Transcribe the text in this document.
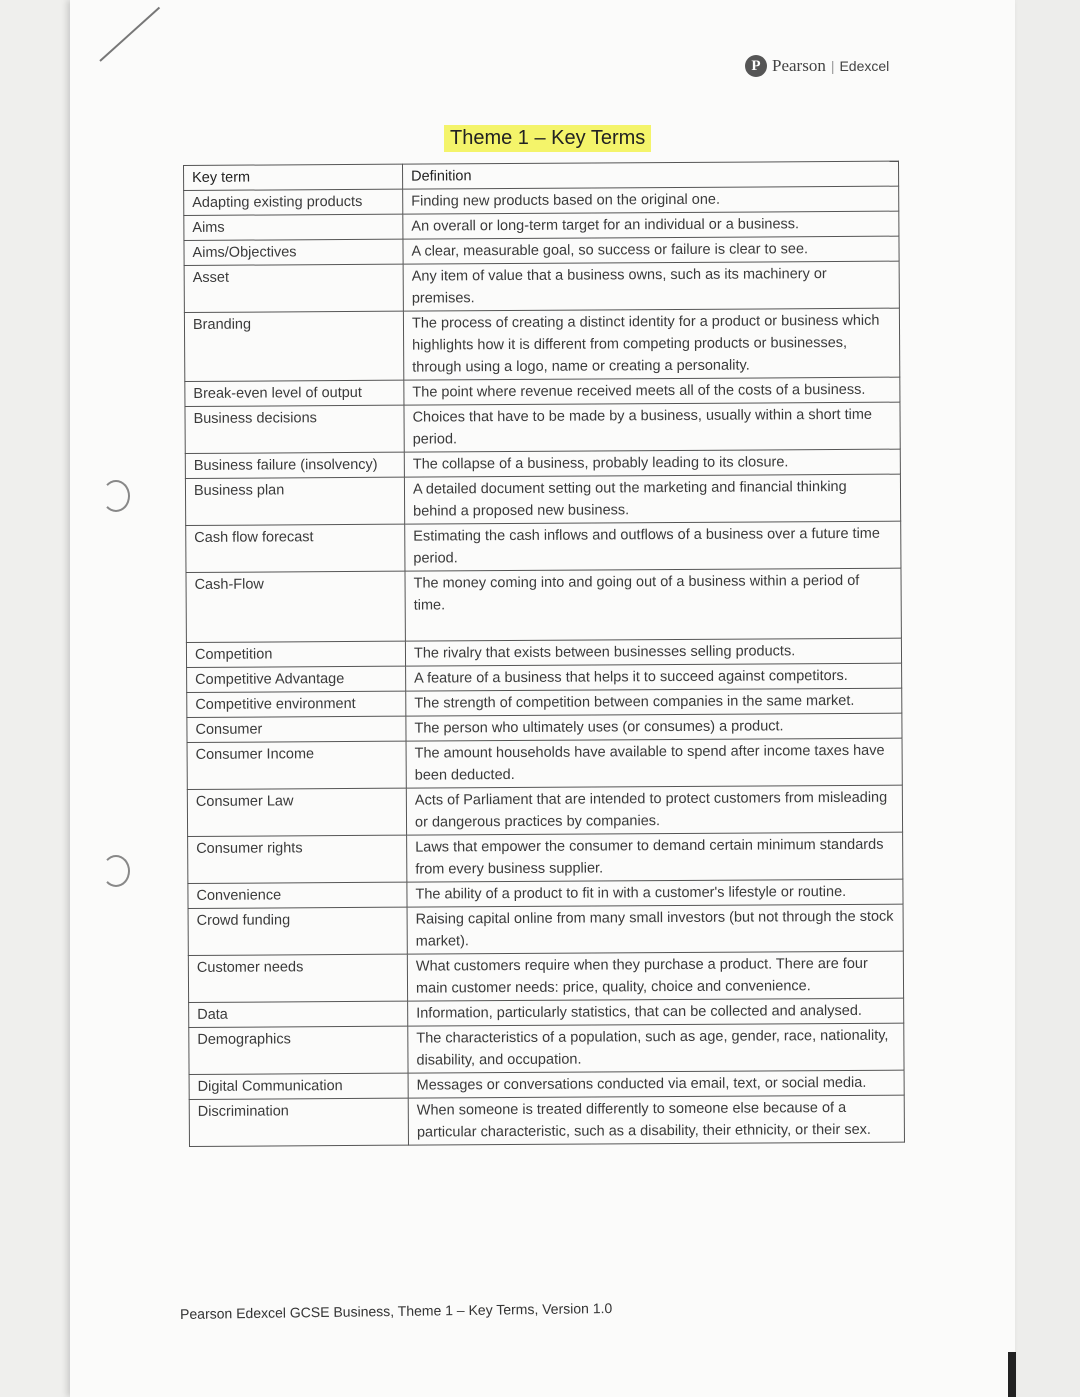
P Pearson | Edexcel
Theme 1 – Key Terms
Key term	Definition
Adapting existing products	Finding new products based on the original one.
Aims	An overall or long-term target for an individual or a business.
Aims/Objectives	A clear, measurable goal, so success or failure is clear to see.
Asset	Any item of value that a business owns, such as its machinery or premises.
Branding	The process of creating a distinct identity for a product or business which highlights how it is different from competing products or businesses, through using a logo, name or creating a personality.
Break-even level of output	The point where revenue received meets all of the costs of a business.
Business decisions	Choices that have to be made by a business, usually within a short time period.
Business failure (insolvency)	The collapse of a business, probably leading to its closure.
Business plan	A detailed document setting out the marketing and financial thinking behind a proposed new business.
Cash flow forecast	Estimating the cash inflows and outflows of a business over a future time period.
Cash-Flow	The money coming into and going out of a business within a period of time.
Competition	The rivalry that exists between businesses selling products.
Competitive Advantage	A feature of a business that helps it to succeed against competitors.
Competitive environment	The strength of competition between companies in the same market.
Consumer	The person who ultimately uses (or consumes) a product.
Consumer Income	The amount households have available to spend after income taxes have been deducted.
Consumer Law	Acts of Parliament that are intended to protect customers from misleading or dangerous practices by companies.
Consumer rights	Laws that empower the consumer to demand certain minimum standards from every business supplier.
Convenience	The ability of a product to fit in with a customer's lifestyle or routine.
Crowd funding	Raising capital online from many small investors (but not through the stock market).
Customer needs	What customers require when they purchase a product. There are four main customer needs: price, quality, choice and convenience.
Data	Information, particularly statistics, that can be collected and analysed.
Demographics	The characteristics of a population, such as age, gender, race, nationality, disability, and occupation.
Digital Communication	Messages or conversations conducted via email, text, or social media.
Discrimination	When someone is treated differently to someone else because of a particular characteristic, such as a disability, their ethnicity, or their sex.
Pearson Edexcel GCSE Business, Theme 1 – Key Terms, Version 1.0
